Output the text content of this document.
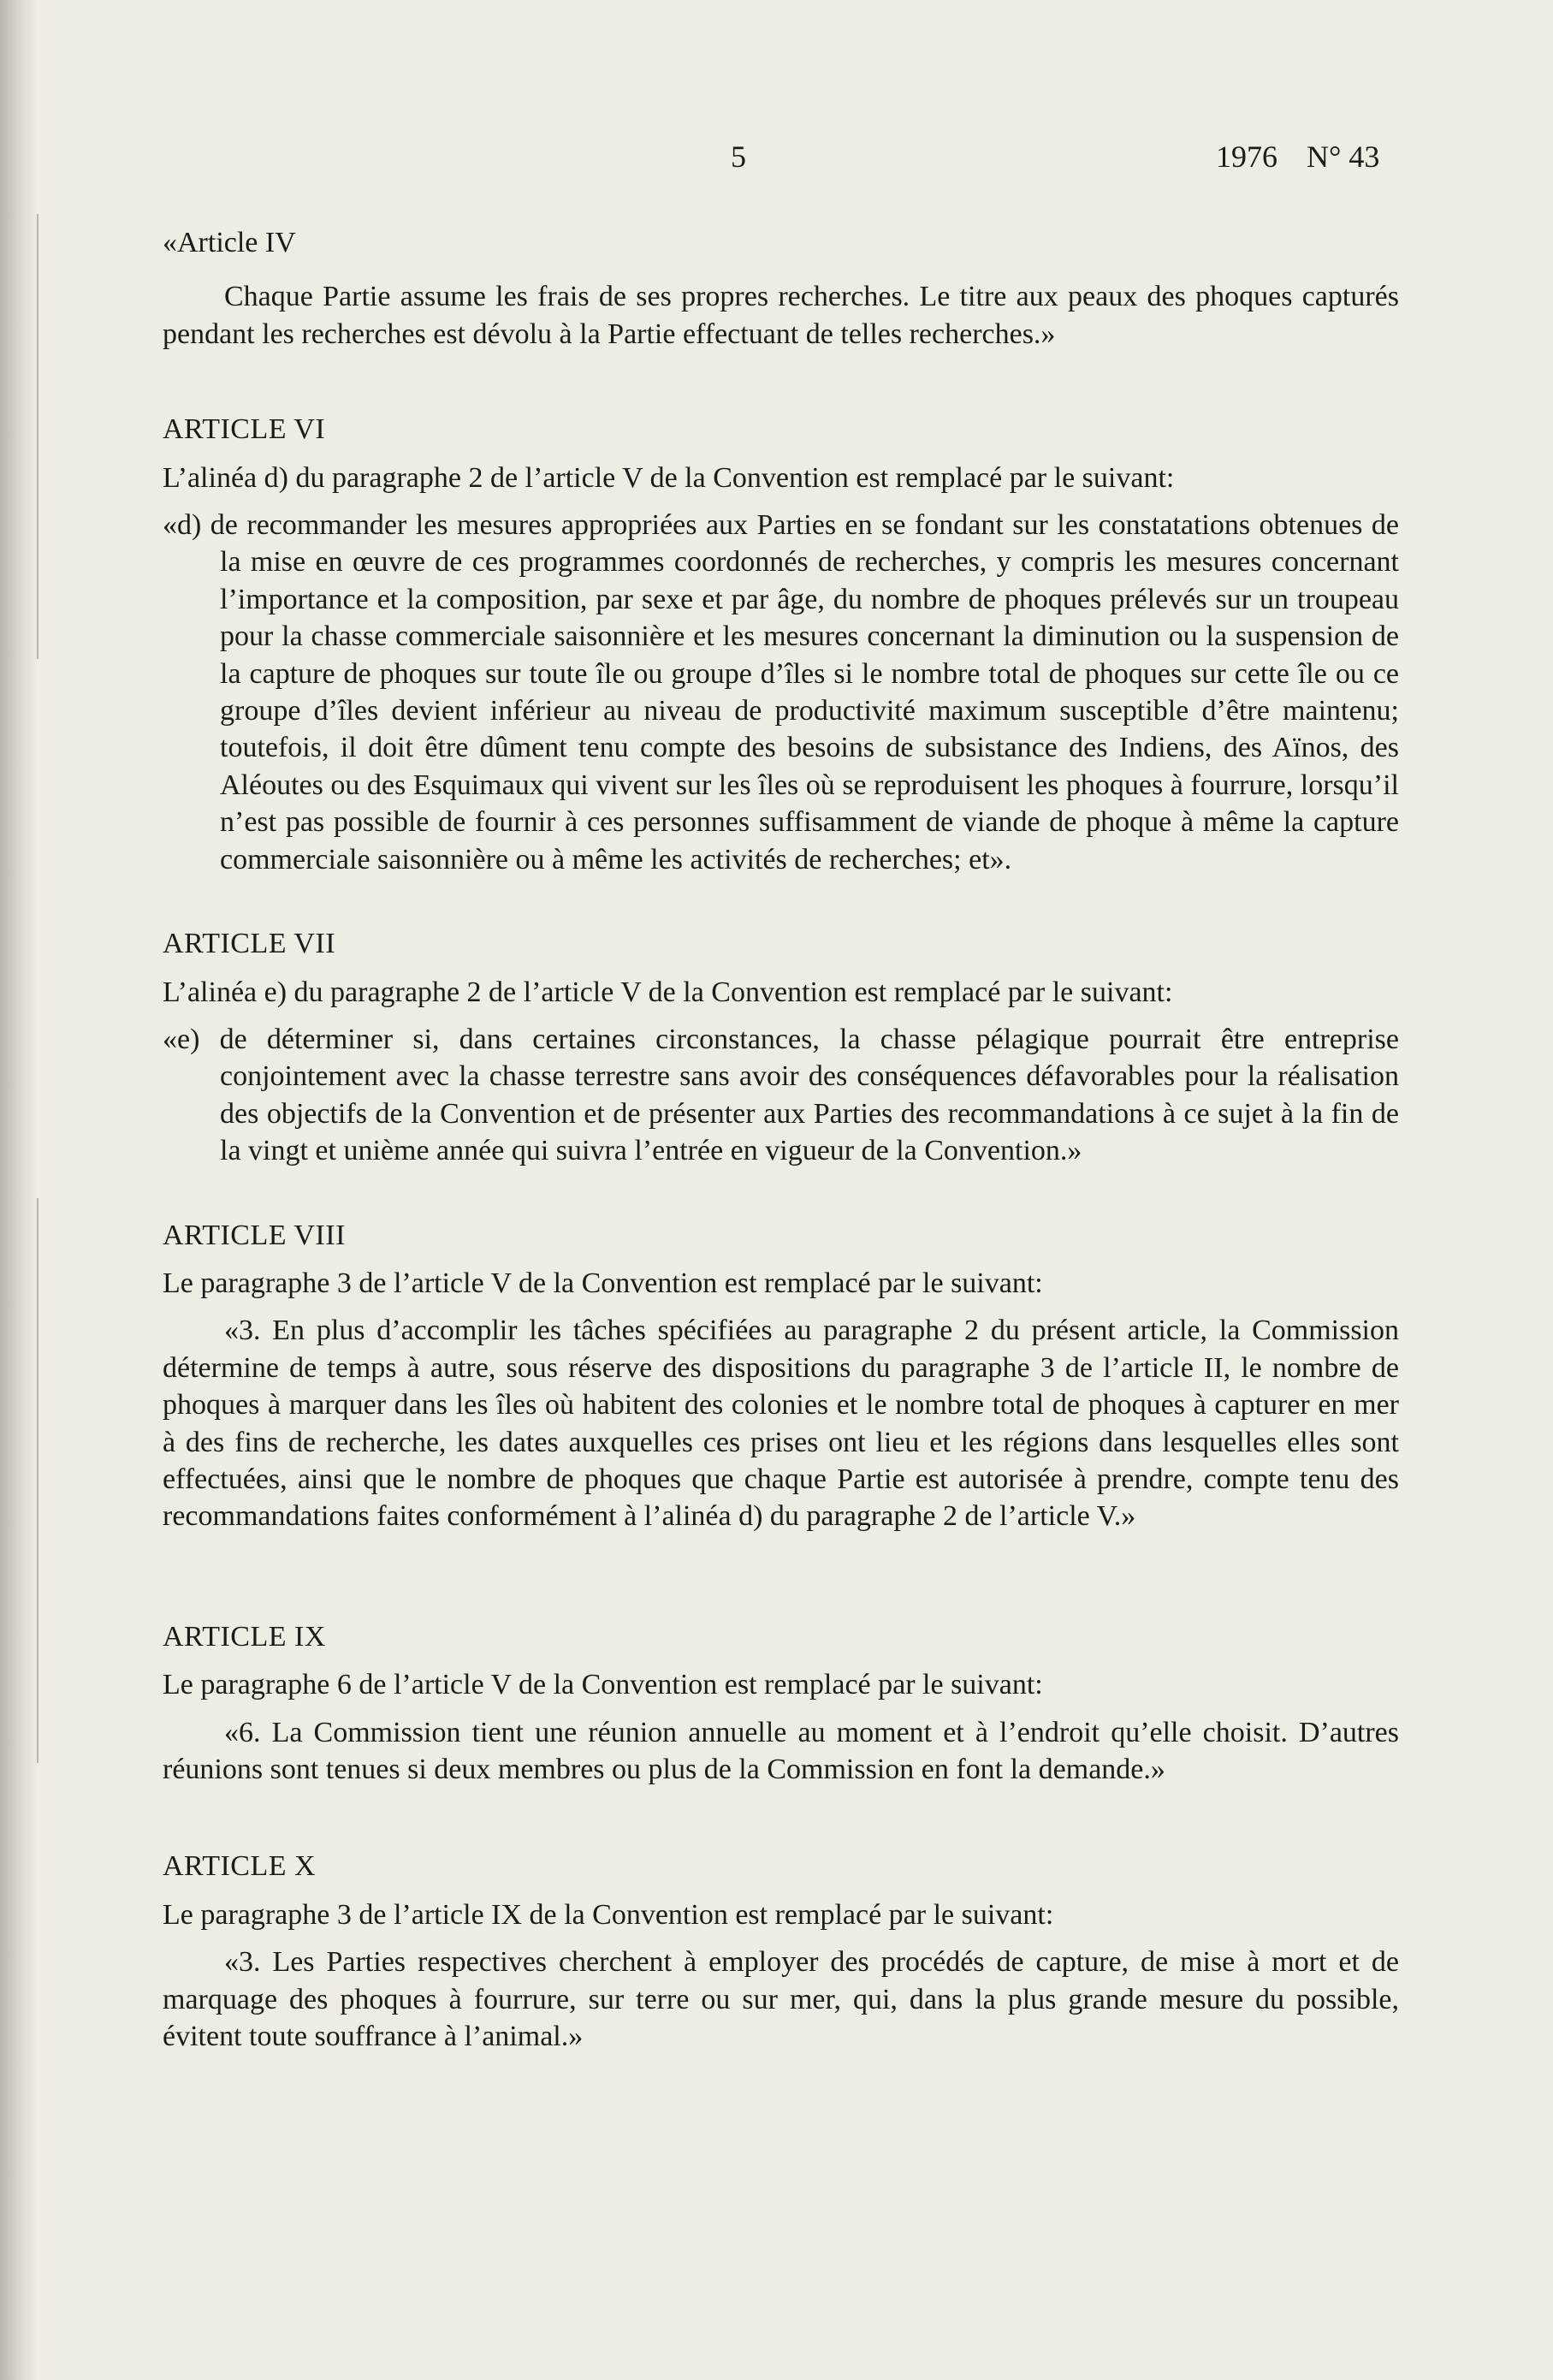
5	1976 N° 43

«Article IV

Chaque Partie assume les frais de ses propres recherches. Le titre aux peaux des phoques capturés pendant les recherches est dévolu à la Partie effectuant de telles recherches.»

ARTICLE VI

L’alinéa d) du paragraphe 2 de l’article V de la Convention est remplacé par le suivant:

«d) de recommander les mesures appropriées aux Parties en se fondant sur les constatations obtenues de la mise en œuvre de ces programmes coordonnés de recherches, y compris les mesures concernant l’importance et la composition, par sexe et par âge, du nombre de phoques prélevés sur un troupeau pour la chasse commerciale saisonnière et les mesures concernant la diminution ou la suspension de la capture de phoques sur toute île ou groupe d’îles si le nombre total de phoques sur cette île ou ce groupe d’îles devient inférieur au niveau de productivité maximum susceptible d’être maintenu; toutefois, il doit être dûment tenu compte des besoins de subsistance des Indiens, des Aïnos, des Aléoutes ou des Esquimaux qui vivent sur les îles où se reproduisent les phoques à fourrure, lorsqu’il n’est pas possible de fournir à ces personnes suffisamment de viande de phoque à même la capture commerciale saisonnière ou à même les activités de recherches; et».

ARTICLE VII

L’alinéa e) du paragraphe 2 de l’article V de la Convention est remplacé par le suivant:

«e) de déterminer si, dans certaines circonstances, la chasse pélagique pourrait être entreprise conjointement avec la chasse terrestre sans avoir des conséquences défavorables pour la réalisation des objectifs de la Convention et de présenter aux Parties des recommandations à ce sujet à la fin de la vingt et unième année qui suivra l’entrée en vigueur de la Convention.»

ARTICLE VIII

Le paragraphe 3 de l’article V de la Convention est remplacé par le suivant:

«3. En plus d’accomplir les tâches spécifiées au paragraphe 2 du présent article, la Commission détermine de temps à autre, sous réserve des dispositions du paragraphe 3 de l’article II, le nombre de phoques à marquer dans les îles où habitent des colonies et le nombre total de phoques à capturer en mer à des fins de recherche, les dates auxquelles ces prises ont lieu et les régions dans lesquelles elles sont effectuées, ainsi que le nombre de phoques que chaque Partie est autorisée à prendre, compte tenu des recommandations faites conformément à l’alinéa d) du paragraphe 2 de l’article V.»

ARTICLE IX

Le paragraphe 6 de l’article V de la Convention est remplacé par le suivant:

«6. La Commission tient une réunion annuelle au moment et à l’endroit qu’elle choisit. D’autres réunions sont tenues si deux membres ou plus de la Commission en font la demande.»

ARTICLE X

Le paragraphe 3 de l’article IX de la Convention est remplacé par le suivant:

«3. Les Parties respectives cherchent à employer des procédés de capture, de mise à mort et de marquage des phoques à fourrure, sur terre ou sur mer, qui, dans la plus grande mesure du possible, évitent toute souffrance à l’animal.»
